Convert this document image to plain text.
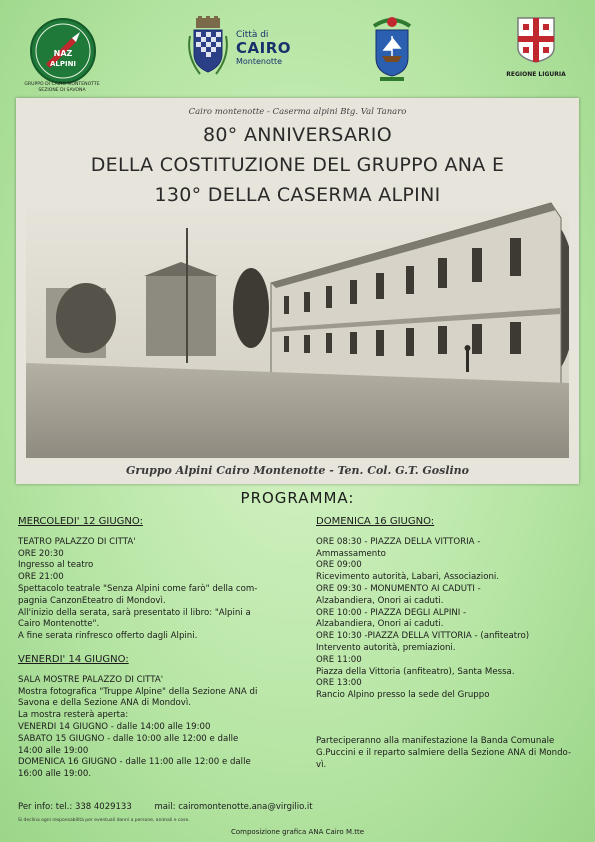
NAZ
ALPINI
GRUPPO DI CAIRO MONTENOTTE
SEZIONE DI SAVONA
Città di
CAIRO
Montenotte
REGIONE LIGURIA
Cairo montenotte - Caserma alpini Btg. Val Tanaro
80° ANNIVERSARIO
DELLA COSTITUZIONE DEL GRUPPO ANA E
130° DELLA CASERMA ALPINI
Gruppo Alpini Cairo Montenotte - Ten. Col. G.T. Goslino
PROGRAMMA:
MERCOLEDI' 12 GIUGNO:
TEATRO PALAZZO DI CITTA'
ORE 20:30
Ingresso al teatro
ORE 21:00
Spettacolo teatrale "Senza Alpini come farò" della com-
pagnia CanzonEteatro di Mondovì.
All'inizio della serata, sarà presentato il libro: "Alpini a
Cairo Montenotte".
A fine serata rinfresco offerto dagli Alpini.
VENERDI' 14 GIUGNO:
SALA MOSTRE PALAZZO DI CITTA'
Mostra fotografica "Truppe Alpine" della Sezione ANA di
Savona e della Sezione ANA di Mondovì.
La mostra resterà aperta:
VENERDI 14 GIUGNO - dalle 14:00 alle 19:00
SABATO 15 GIUGNO - dalle 10:00 alle 12:00 e dalle
14:00 alle 19:00
DOMENICA 16 GIUGNO - dalle 11:00 alle 12:00 e dalle
16:00 alle 19:00.
DOMENICA 16 GIUGNO:
ORE 08:30 - PIAZZA DELLA VITTORIA -
Ammassamento
ORE 09:00
Ricevimento autorità, Labari, Associazioni.
ORE 09:30 - MONUMENTO AI CADUTI -
Alzabandiera, Onori ai caduti.
ORE 10:00 - PIAZZA DEGLI ALPINI -
Alzabandiera, Onori ai caduti.
ORE 10:30 -PIAZZA DELLA VITTORIA - (anfiteatro)
Intervento autorità, premiazioni.
ORE 11:00
Piazza della Vittoria (anfiteatro), Santa Messa.
ORE 13:00
Rancio Alpino presso la sede del Gruppo
Parteciperanno alla manifestazione la Banda Comunale
G.Puccini e il reparto salmiere della Sezione ANA di Mondo-
vì.
Per info: tel.: 338 4029133	mail: cairomontenotte.ana@virgilio.it
Si declina ogni responsabilità per eventuali danni a persone, animali e cose.
Composizione grafica ANA Cairo M.tte
